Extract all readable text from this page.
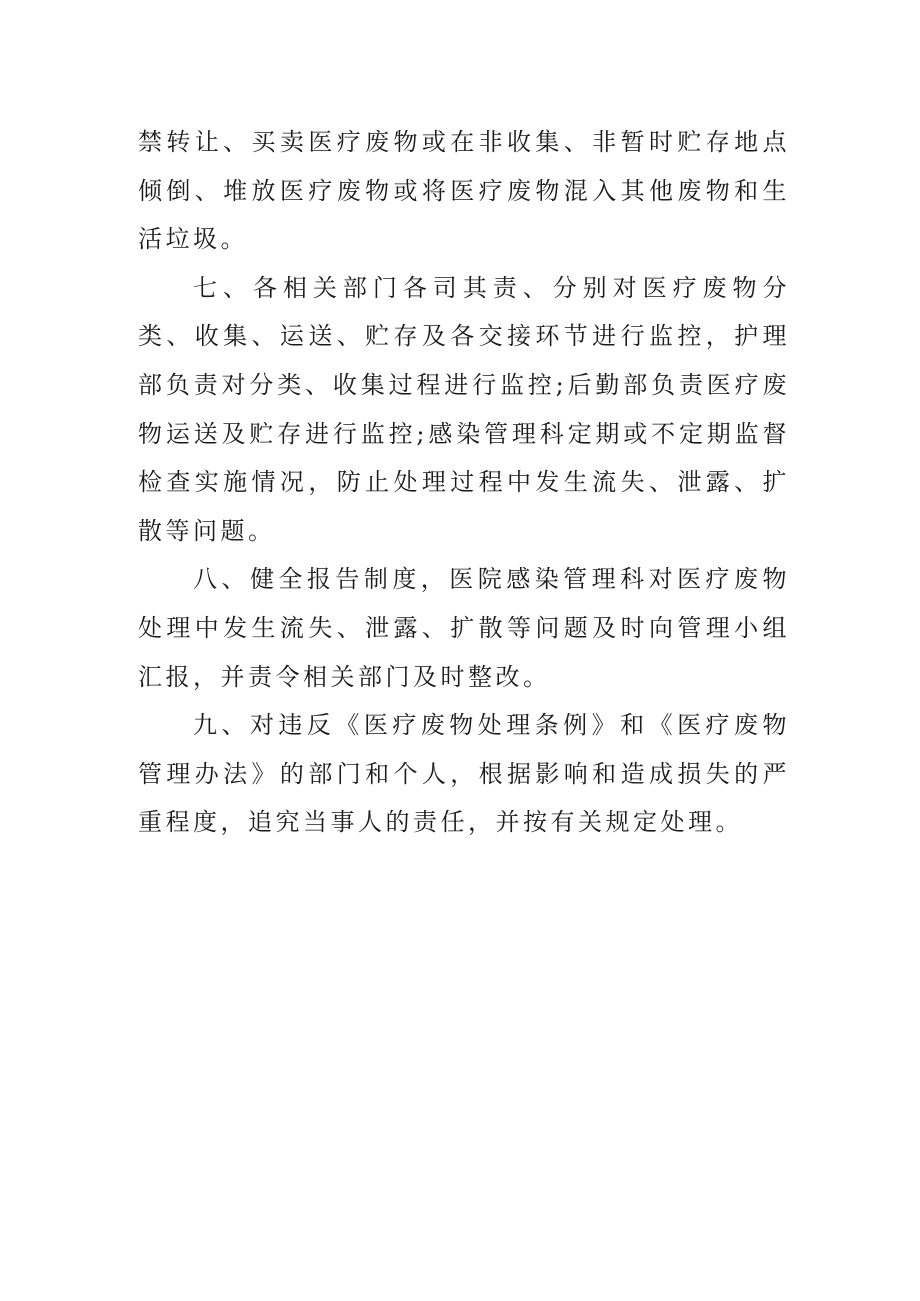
禁转让、买卖医疗废物或在非收集、非暂时贮存地点倾倒、堆放医疗废物或将医疗废物混入其他废物和生活垃圾。

七、各相关部门各司其责、分别对医疗废物分类、收集、运送、贮存及各交接环节进行监控，护理部负责对分类、收集过程进行监控;后勤部负责医疗废物运送及贮存进行监控;感染管理科定期或不定期监督检查实施情况，防止处理过程中发生流失、泄露、扩散等问题。

八、健全报告制度，医院感染管理科对医疗废物处理中发生流失、泄露、扩散等问题及时向管理小组汇报，并责令相关部门及时整改。

九、对违反《医疗废物处理条例》和《医疗废物管理办法》的部门和个人，根据影响和造成损失的严重程度，追究当事人的责任，并按有关规定处理。
